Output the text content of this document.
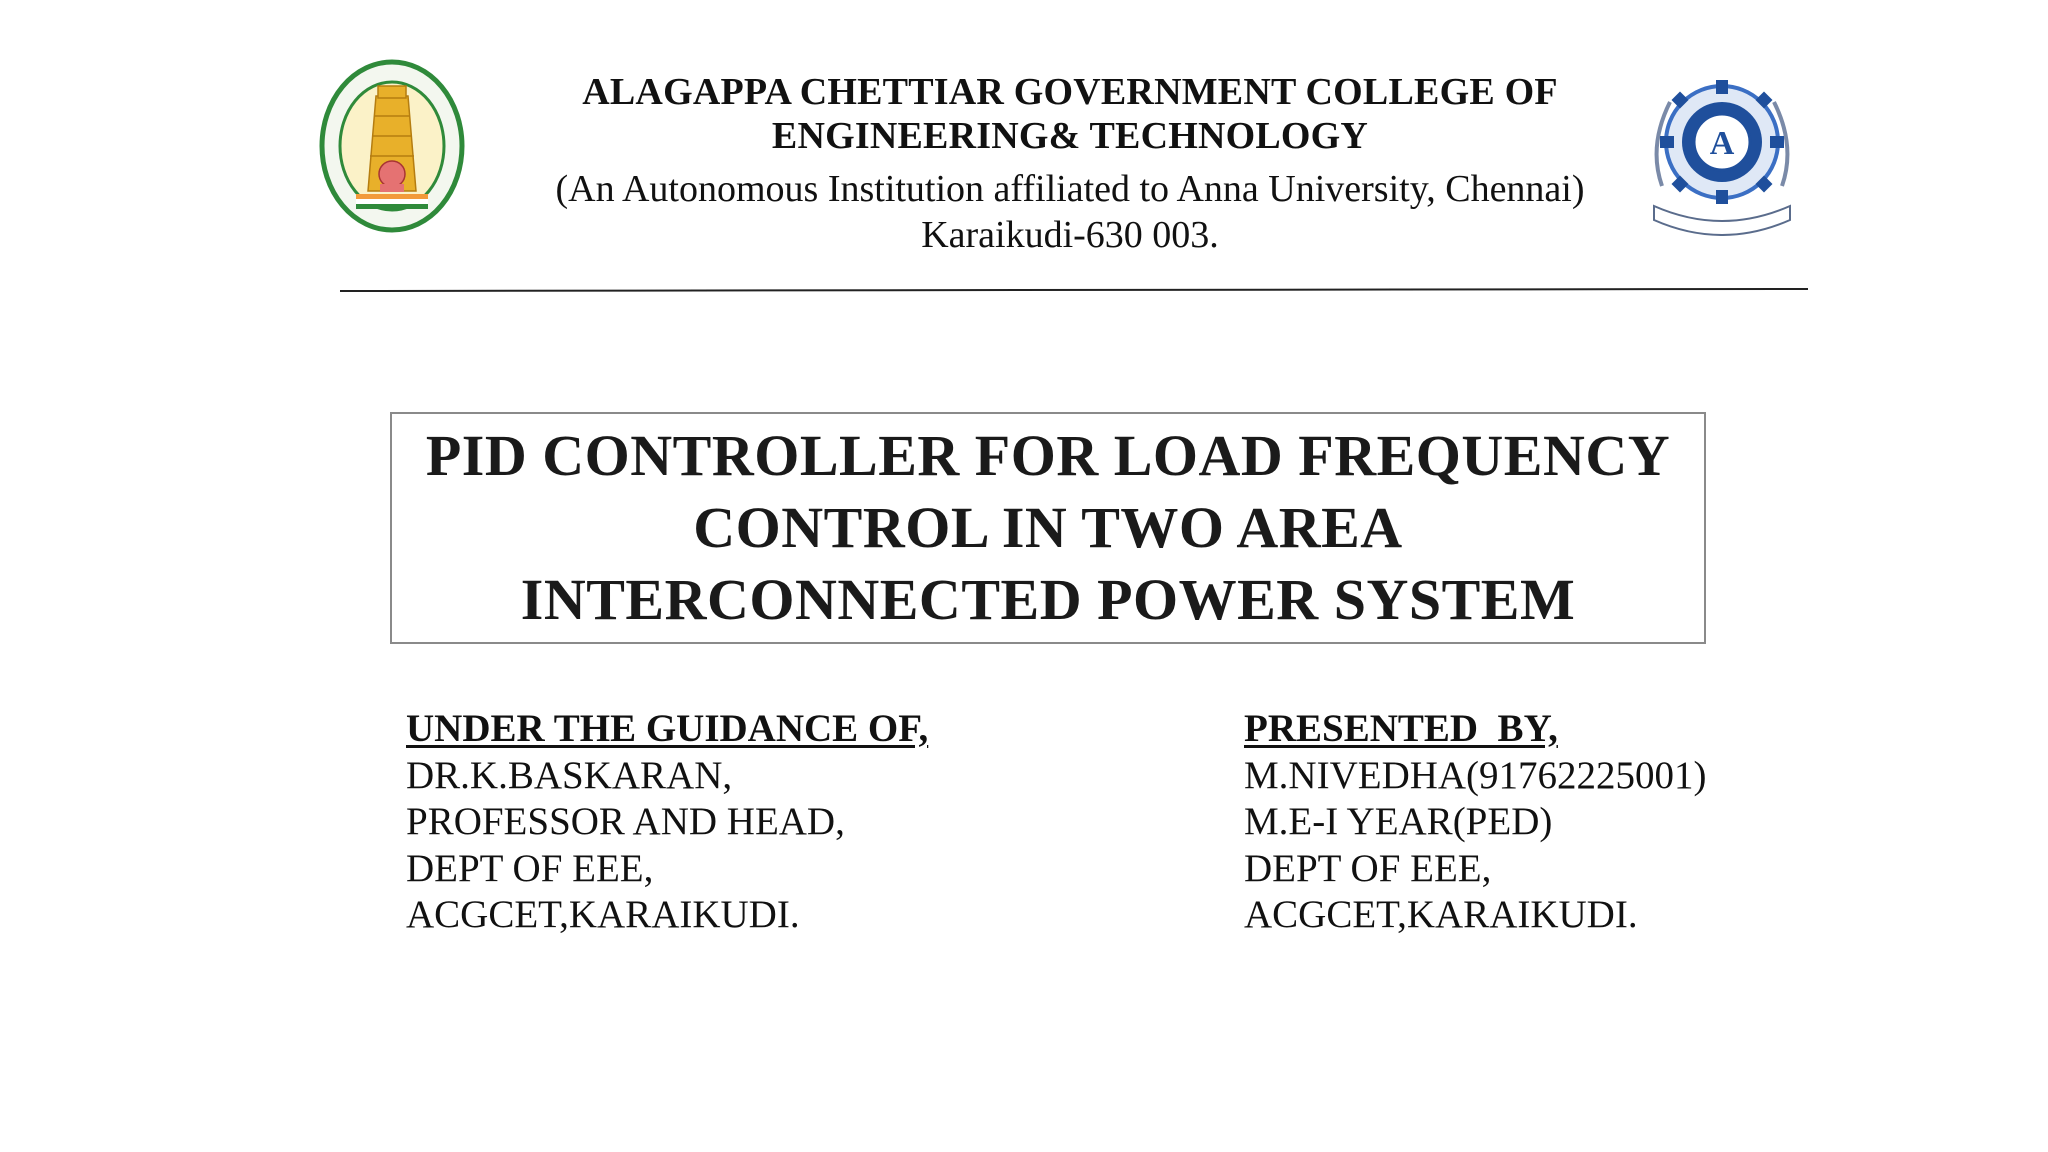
ALAGAPPA CHETTIAR GOVERNMENT COLLEGE OF
ENGINEERING& TECHNOLOGY
(An Autonomous Institution affiliated to Anna University, Chennai)
Karaikudi-630 003.
A
PID CONTROLLER FOR LOAD FREQUENCY
CONTROL IN TWO AREA
INTERCONNECTED POWER SYSTEM
UNDER THE GUIDANCE OF,
DR.K.BASKARAN,
PROFESSOR AND HEAD,
DEPT OF EEE,
ACGCET,KARAIKUDI.
PRESENTED  BY,
M.NIVEDHA(91762225001)
M.E-I YEAR(PED)
DEPT OF EEE,
ACGCET,KARAIKUDI.
